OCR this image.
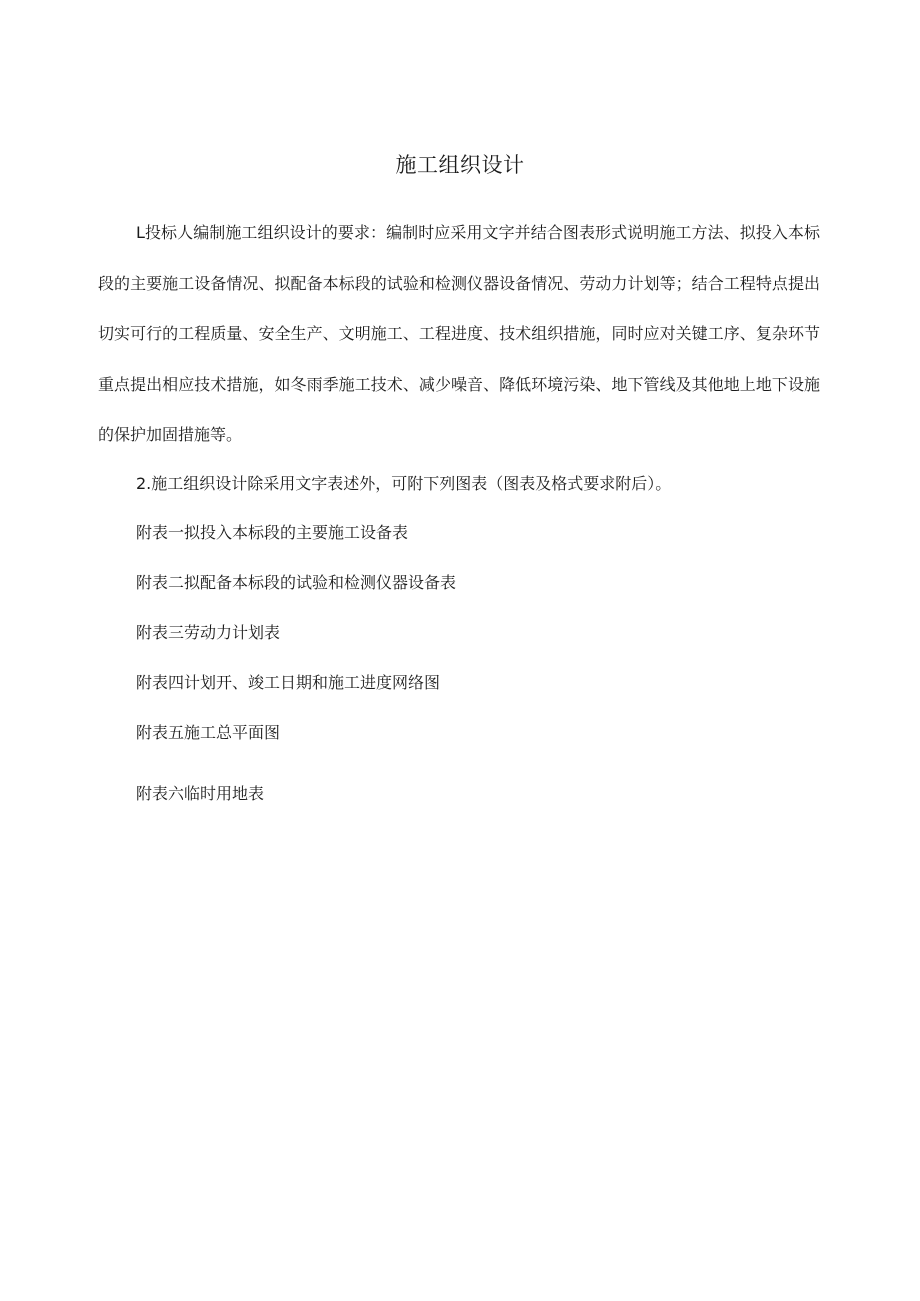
施工组织设计

L投标人编制施工组织设计的要求：编制时应采用文字并结合图表形式说明施工方法、拟投入本标段的主要施工设备情况、拟配备本标段的试验和检测仪器设备情况、劳动力计划等；结合工程特点提出切实可行的工程质量、安全生产、文明施工、工程进度、技术组织措施，同时应对关键工序、复杂环节重点提出相应技术措施，如冬雨季施工技术、减少噪音、降低环境污染、地下管线及其他地上地下设施的保护加固措施等。

2.施工组织设计除采用文字表述外，可附下列图表（图表及格式要求附后）。

附表一拟投入本标段的主要施工设备表

附表二拟配备本标段的试验和检测仪器设备表

附表三劳动力计划表

附表四计划开、竣工日期和施工进度网络图

附表五施工总平面图

附表六临时用地表
